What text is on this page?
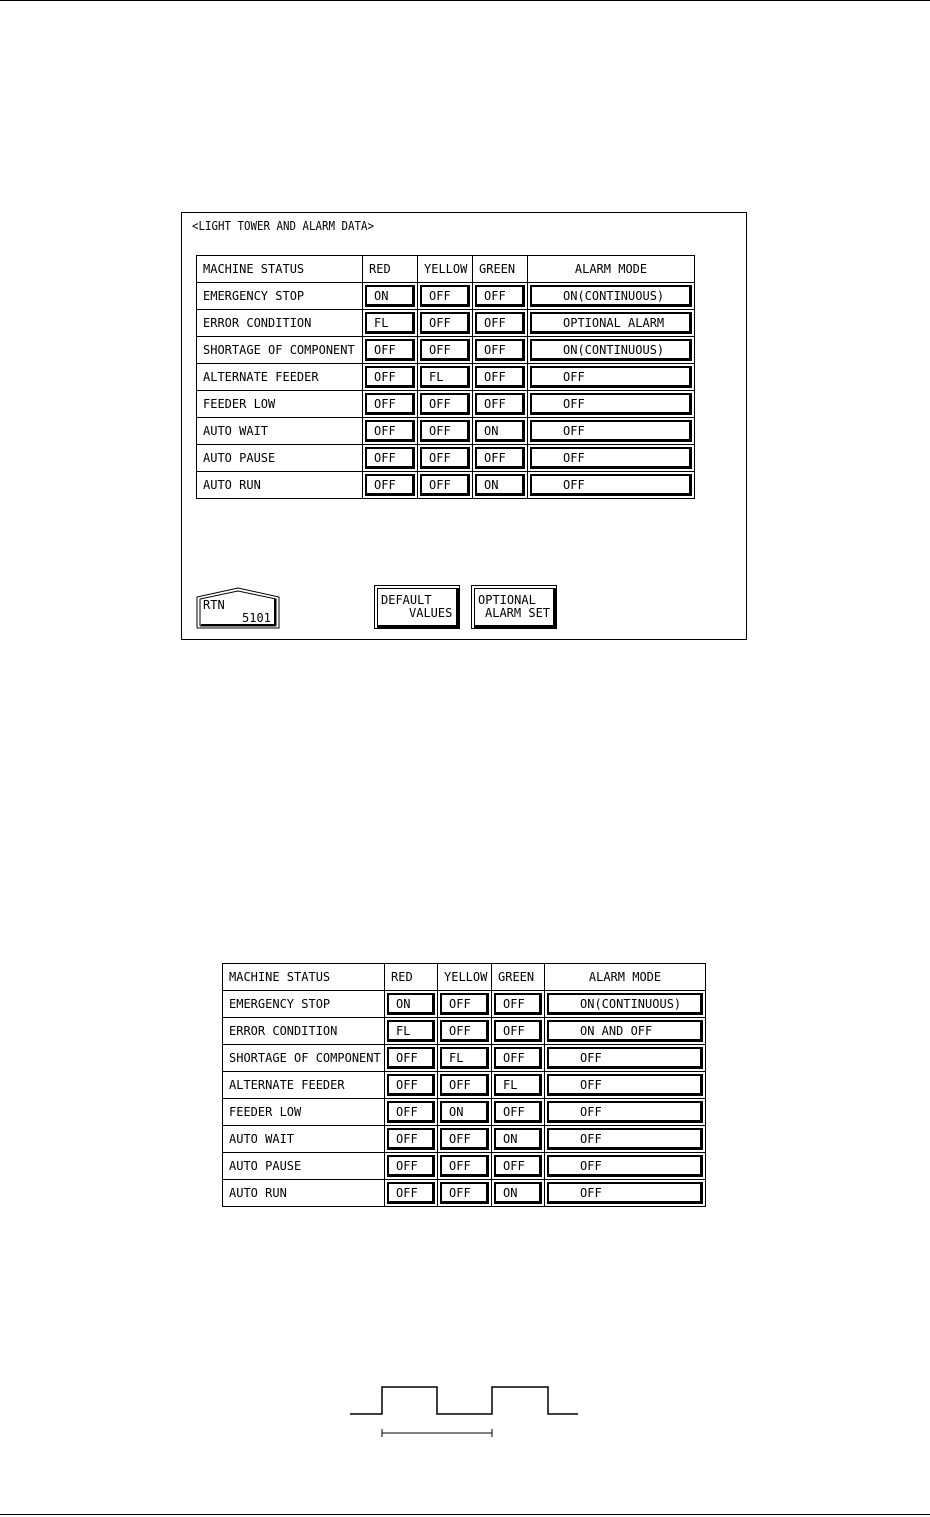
<LIGHT TOWER AND ALARM DATA>
MACHINE STATUS	RED	YELLOW	GREEN	ALARM MODE
EMERGENCY STOP	ON	OFF	OFF	ON(CONTINUOUS)

ERROR CONDITION	FL	OFF	OFF	OPTIONAL ALARM

SHORTAGE OF COMPONENT	OFF	OFF	OFF	ON(CONTINUOUS)

ALTERNATE FEEDER	OFF	FL	OFF	OFF

FEEDER LOW	OFF	OFF	OFF	OFF

AUTO WAIT	OFF	OFF	ON	OFF

AUTO PAUSE	OFF	OFF	OFF	OFF

AUTO RUN	OFF	OFF	ON	OFF
RTN
5101
DEFAULT
VALUES
OPTIONAL
ALARM SET
MACHINE STATUS	RED	YELLOW	GREEN	ALARM MODE
EMERGENCY STOP	ON	OFF	OFF	ON(CONTINUOUS)

ERROR CONDITION	FL	OFF	OFF	ON AND OFF

SHORTAGE OF COMPONENT	OFF	FL	OFF	OFF

ALTERNATE FEEDER	OFF	OFF	FL	OFF

FEEDER LOW	OFF	ON	OFF	OFF

AUTO WAIT	OFF	OFF	ON	OFF

AUTO PAUSE	OFF	OFF	OFF	OFF

AUTO RUN	OFF	OFF	ON	OFF
